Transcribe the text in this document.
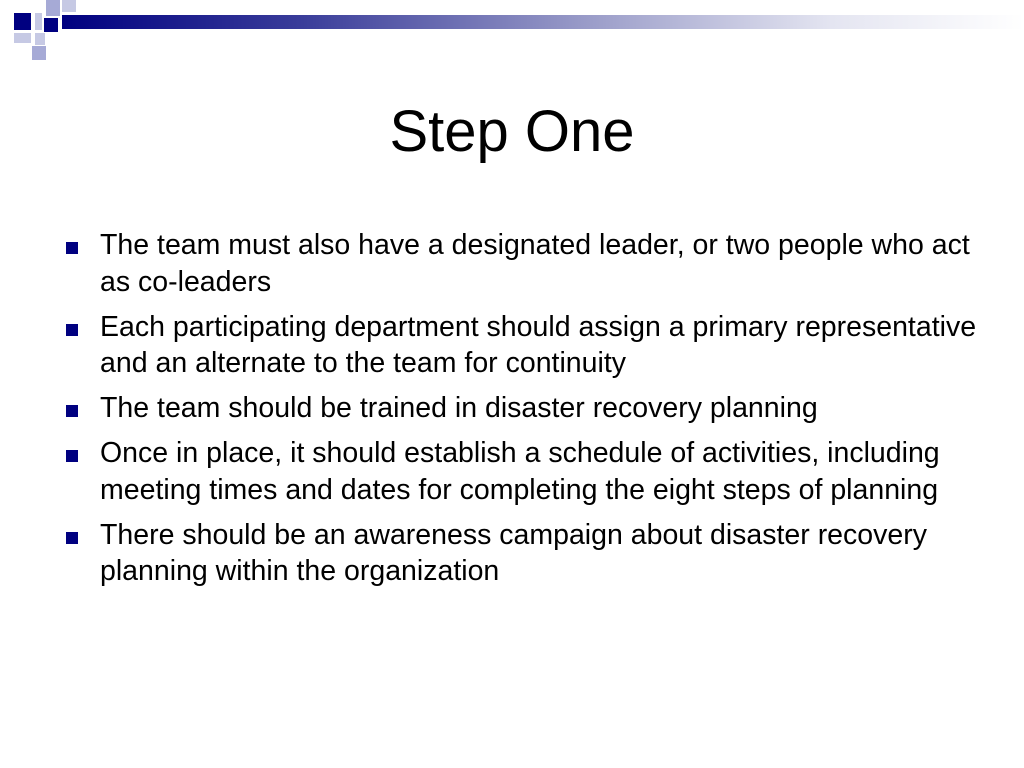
Step One
The team must also have a designated leader, or two people who act as co-leaders
Each participating department should assign a primary representative and an alternate to the team for continuity
The team should be trained in disaster recovery planning
Once in place, it should establish a schedule of activities, including meeting times and dates for completing the eight steps of planning
There should be an awareness campaign about disaster recovery planning within the organization
